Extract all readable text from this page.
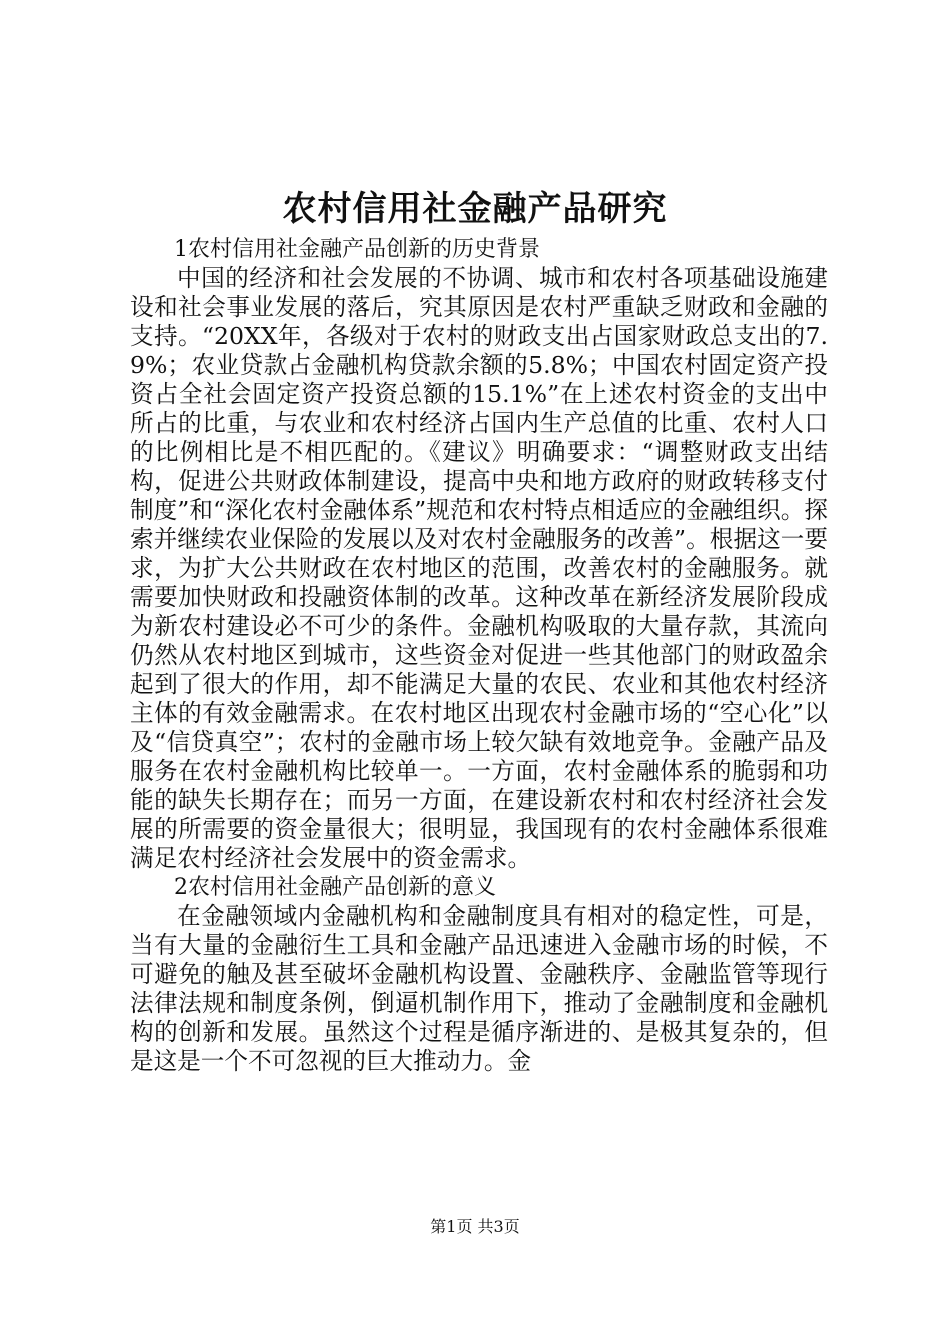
农村信用社金融产品研究

1农村信用社金融产品创新的历史背景

中国的经济和社会发展的不协调、城市和农村各项基础设施建设和社会事业发展的落后，究其原因是农村严重缺乏财政和金融的支持。“20XX年，各级对于农村的财政支出占国家财政总支出的7.9%；农业贷款占金融机构贷款余额的5.8%；中国农村固定资产投资占全社会固定资产投资总额的15.1%”在上述农村资金的支出中所占的比重，与农业和农村经济占国内生产总值的比重、农村人口的比例相比是不相匹配的。《建议》明确要求：“调整财政支出结构，促进公共财政体制建设，提高中央和地方政府的财政转移支付制度”和“深化农村金融体系”规范和农村特点相适应的金融组织。探索并继续农业保险的发展以及对农村金融服务的改善”。根据这一要求，为扩大公共财政在农村地区的范围，改善农村的金融服务。就需要加快财政和投融资体制的改革。这种改革在新经济发展阶段成为新农村建设必不可少的条件。金融机构吸取的大量存款，其流向仍然从农村地区到城市，这些资金对促进一些其他部门的财政盈余起到了很大的作用，却不能满足大量的农民、农业和其他农村经济主体的有效金融需求。在农村地区出现农村金融市场的“空心化”以及“信贷真空”；农村的金融市场上较欠缺有效地竞争。金融产品及服务在农村金融机构比较单一。一方面，农村金融体系的脆弱和功能的缺失长期存在；而另一方面，在建设新农村和农村经济社会发展的所需要的资金量很大；很明显，我国现有的农村金融体系很难满足农村经济社会发展中的资金需求。

2农村信用社金融产品创新的意义

在金融领域内金融机构和金融制度具有相对的稳定性，可是，当有大量的金融衍生工具和金融产品迅速进入金融市场的时候，不可避免的触及甚至破坏金融机构设置、金融秩序、金融监管等现行法律法规和制度条例，倒逼机制作用下，推动了金融制度和金融机构的创新和发展。虽然这个过程是循序渐进的、是极其复杂的，但是这是一个不可忽视的巨大推动力。金

第1页 共3页
